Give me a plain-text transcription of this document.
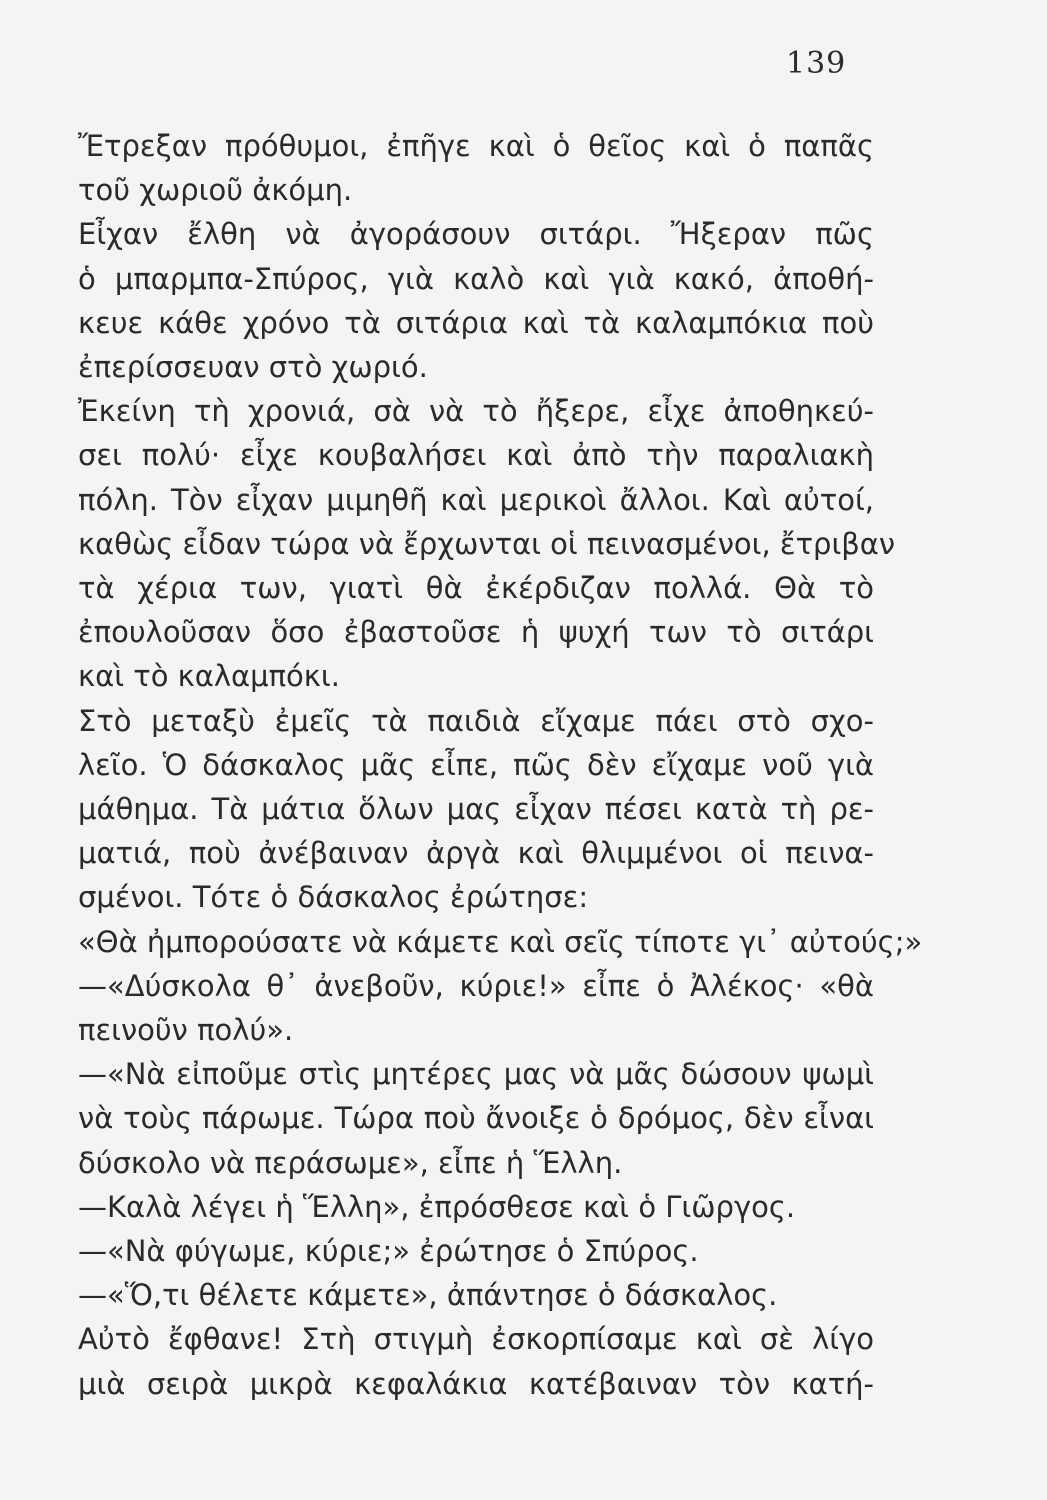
139
Ἔτρεξαν πρόθυμοι, ἐπῆγε καὶ ὁ θεῖος καὶ ὁ παπᾶς
τοῦ χωριοῦ ἀκόμη.
Εἶχαν ἔλθη νὰ ἀγοράσουν σιτάρι. Ἤξεραν πῶς
ὁ μπαρμπα-Σπύρος, γιὰ καλὸ καὶ γιὰ κακό, ἀποθή-
κευε κάθε χρόνο τὰ σιτάρια καὶ τὰ καλαμπόκια ποὺ
ἐπερίσσευαν στὸ χωριό.
Ἐκείνη τὴ χρονιά, σὰ νὰ τὸ ἤξερε, εἶχε ἀποθηκεύ-
σει πολύ· εἶχε κουβαλήσει καὶ ἀπὸ τὴν παραλιακὴ
πόλη. Τὸν εἶχαν μιμηθῆ καὶ μερικοὶ ἄλλοι. Καὶ αὐτοί,
καθὼς εἶδαν τώρα νὰ ἔρχωνται οἱ πεινασμένοι, ἔτριβαν
τὰ χέρια των, γιατὶ θὰ ἐκέρδιζαν πολλά. Θὰ τὸ
ἐπουλοῦσαν ὅσο ἐβαστοῦσε ἡ ψυχή των τὸ σιτάρι
καὶ τὸ καλαμπόκι.
Στὸ μεταξὺ ἐμεῖς τὰ παιδιὰ εἴχαμε πάει στὸ σχο-
λεῖο. Ὁ δάσκαλος μᾶς εἶπε, πῶς δὲν εἴχαμε νοῦ γιὰ
μάθημα. Τὰ μάτια ὅλων μας εἶχαν πέσει κατὰ τὴ ρε-
ματιά, ποὺ ἀνέβαιναν ἀργὰ καὶ θλιμμένοι οἱ πεινα-
σμένοι. Τότε ὁ δάσκαλος ἐρώτησε:
«Θὰ ἠμπορούσατε νὰ κάμετε καὶ σεῖς τίποτε γι᾽ αὐτούς;»
—«Δύσκολα θ᾽ ἀνεβοῦν, κύριε!» εἶπε ὁ Ἀλέκος· «θὰ
πεινοῦν πολύ».
—«Νὰ εἰποῦμε στὶς μητέρες μας νὰ μᾶς δώσουν ψωμὶ
νὰ τοὺς πάρωμε. Τώρα ποὺ ἄνοιξε ὁ δρόμος, δὲν εἶναι
δύσκολο νὰ περάσωμε», εἶπε ἡ Ἕλλη.
—Καλὰ λέγει ἡ Ἕλλη», ἐπρόσθεσε καὶ ὁ Γιῶργος.
—«Νὰ φύγωμε, κύριε;» ἐρώτησε ὁ Σπύρος.
—«Ὅ,τι θέλετε κάμετε», ἀπάντησε ὁ δάσκαλος.
Αὐτὸ ἔφθανε! Στὴ στιγμὴ ἐσκορπίσαμε καὶ σὲ λίγο
μιὰ σειρὰ μικρὰ κεφαλάκια κατέβαιναν τὸν κατή-
